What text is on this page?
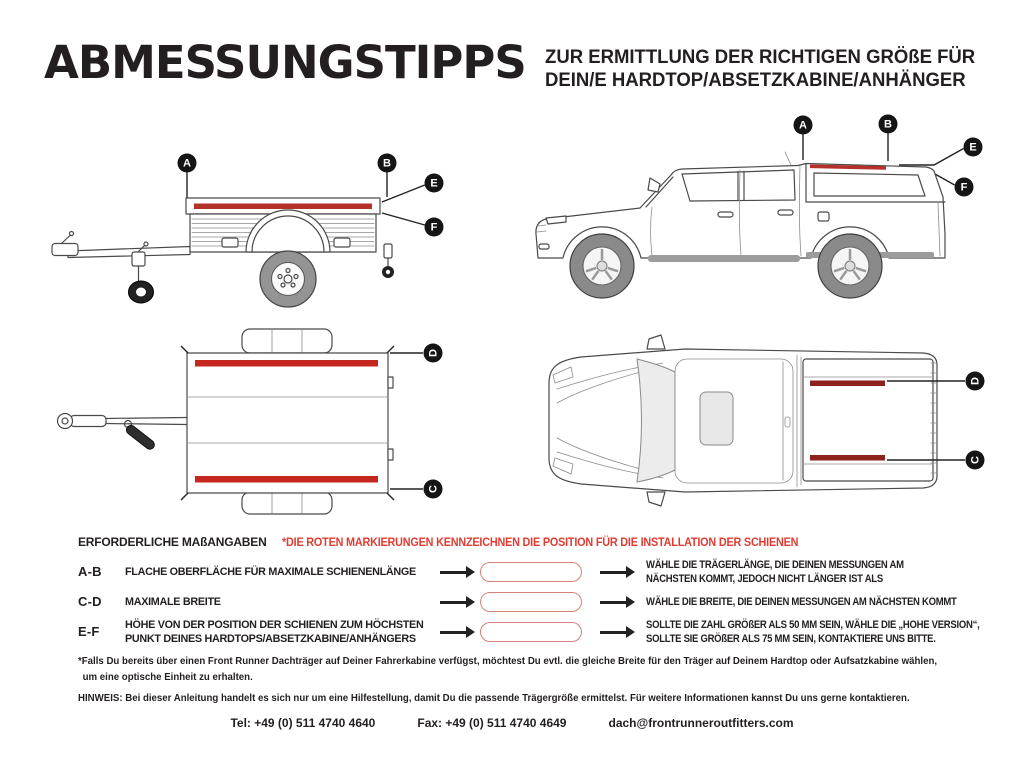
ABMESSUNGSTIPPS ZUR ERMITTLUNG DER RICHTIGEN GRÖßE FÜR
DEIN/E HARDTOP/ABSETZKABINE/ANHÄNGER
A	B
E
F
A	B
E
F
D
C
D
C
ERFORDERLICHE MAßANGABEN *DIE ROTEN MARKIERUNGEN KENNZEICHNEN DIE POSITION FÜR DIE INSTALLATION DER SCHIENEN
A-B	FLACHE OBERFLÄCHE FÜR MAXIMALE SCHIENENLÄNGE
WÄHLE DIE TRÄGERLÄNGE, DIE DEINEN MESSUNGEN AM
NÄCHSTEN KOMMT, JEDOCH NICHT LÄNGER IST ALS
C-D	MAXIMALE BREITE	WÄHLE DIE BREITE, DIE DEINEN MESSUNGEN AM NÄCHSTEN KOMMT
E-F	HÖHE VON DER POSITION DER SCHIENEN ZUM HÖCHSTEN PUNKT DEINES HARDTOPS/ABSETZKABINE/ANHÄNGERS
SOLLTE DIE ZAHL GRÖßER ALS 50 MM SEIN, WÄHLE DIE „HOHE VERSION“,
SOLLTE SIE GRÖßER ALS 75 MM SEIN, KONTAKTIERE UNS BITTE.
*Falls Du bereits über einen Front Runner Dachträger auf Deiner Fahrerkabine verfügst, möchtest Du evtl. die gleiche Breite für den Träger auf Deinem Hardtop oder Aufsatzkabine wählen,
um eine optische Einheit zu erhalten.
HINWEIS: Bei dieser Anleitung handelt es sich nur um eine Hilfestellung, damit Du die passende Trägergröße ermittelst. Für weitere Informationen kannst Du uns gerne kontaktieren.
Tel: +49 (0) 511 4740 4640	Fax: +49 (0) 511 4740 4649	dach@frontrunneroutfitters.com
